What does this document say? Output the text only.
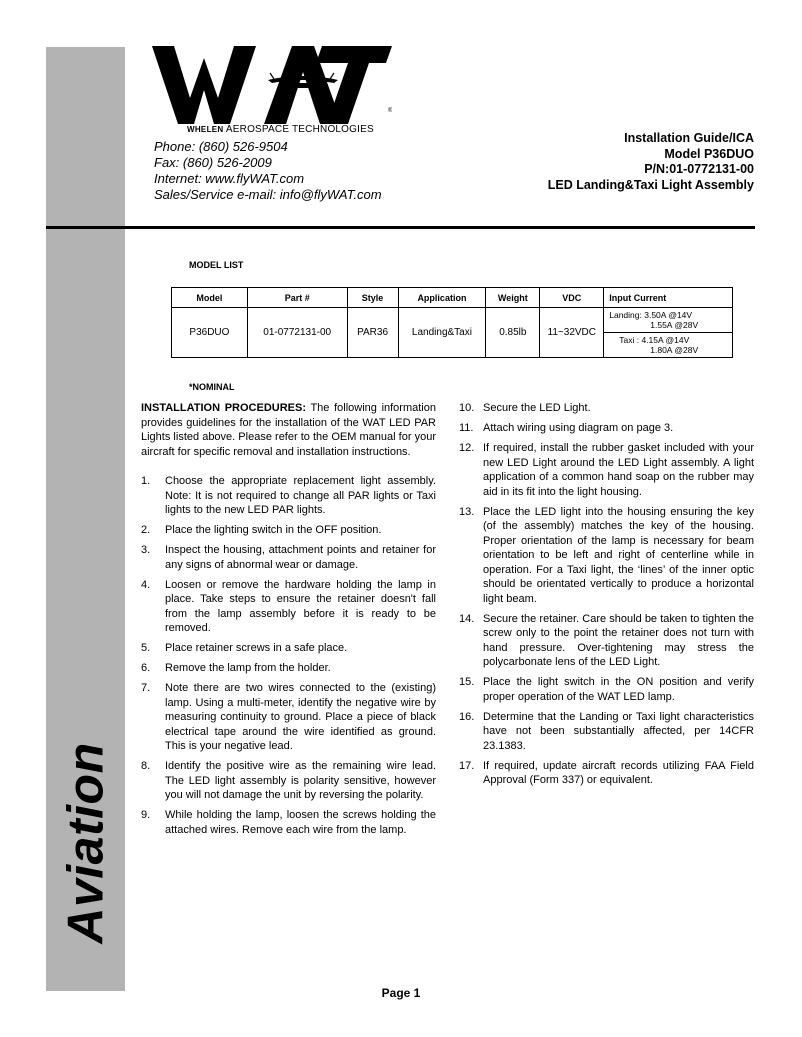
Aviation
®
WHELEN AEROSPACE TECHNOLOGIES
Phone: (860) 526-9504
Fax: (860) 526-2009
Internet: www.flyWAT.com
Sales/Service e-mail: info@flyWAT.com
Installation Guide/ICA
Model P36DUO
P/N:01-0772131-00
LED Landing&Taxi Light Assembly
MODEL LIST
Model	Part #	Style	Application	Weight	VDC	Input Current
P36DUO	01-0772131-00	PAR36	Landing&Taxi	0.85lb	11~32VDC	Landing: 3.50A @14V
1.55A @28V

						Taxi : 4.15A @14V
1.80A @28V
*NOMINAL

INSTALLATION PROCEDURES: The following information provides guidelines for the installation of the WAT LED PAR Lights listed above. Please refer to the OEM manual for your aircraft for specific removal and installation instructions.

1. Choose the appropriate replacement light assembly. Note: It is not required to change all PAR lights or Taxi lights to the new LED PAR lights.
2. Place the lighting switch in the OFF position.
3. Inspect the housing, attachment points and retainer for any signs of abnormal wear or damage.
4. Loosen or remove the hardware holding the lamp in place. Take steps to ensure the retainer doesn't fall from the lamp assembly before it is ready to be removed.
5. Place retainer screws in a safe place.
6. Remove the lamp from the holder.
7. Note there are two wires connected to the (existing) lamp. Using a multi-meter, identify the negative wire by measuring continuity to ground. Place a piece of black electrical tape around the wire identified as ground. This is your negative lead.
8. Identify the positive wire as the remaining wire lead. The LED light assembly is polarity sensitive, however you will not damage the unit by reversing the polarity.
9. While holding the lamp, loosen the screws holding the attached wires. Remove each wire from the lamp.
10. Secure the LED Light.
11. Attach wiring using diagram on page 3.
12. If required, install the rubber gasket included with your new LED Light around the LED Light assembly. A light application of a common hand soap on the rubber may aid in its fit into the light housing.
13. Place the LED light into the housing ensuring the key (of the assembly) matches the key of the housing. Proper orientation of the lamp is necessary for beam orientation to be left and right of centerline while in operation. For a Taxi light, the ‘lines’ of the inner optic should be orientated vertically to produce a horizontal light beam.
14. Secure the retainer. Care should be taken to tighten the screw only to the point the retainer does not turn with hand pressure. Over-tightening may stress the polycarbonate lens of the LED Light.
15. Place the light switch in the ON position and verify proper operation of the WAT LED lamp.
16. Determine that the Landing or Taxi light characteristics have not been substantially affected, per 14CFR 23.1383.
17. If required, update aircraft records utilizing FAA Field Approval (Form 337) or equivalent.
Page 1
